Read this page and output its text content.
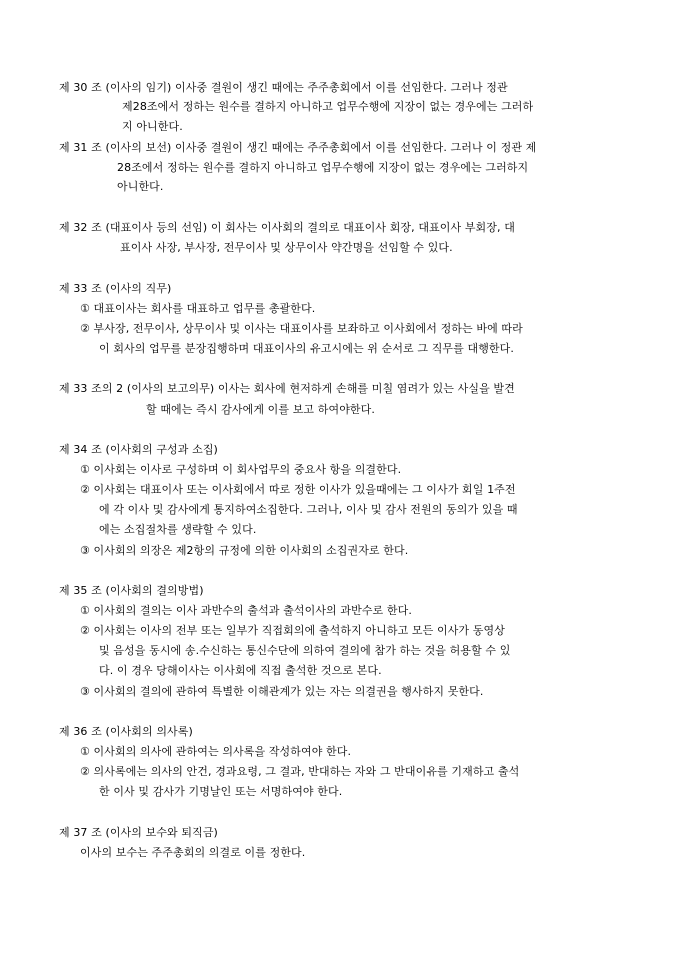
제 30 조 (이사의 임기) 이사중 결원이 생긴 때에는 주주총회에서 이를 선임한다. 그러나 정관
제28조에서 정하는 원수를 결하지 아니하고 업무수행에 지장이 없는 경우에는 그러하
지 아니한다.
제 31 조 (이사의 보선) 이사중 결원이 생긴 때에는 주주총회에서 이를 선임한다. 그러나 이 정관 제
28조에서 정하는 원수를 결하지 아니하고 업무수행에 지장이 없는 경우에는 그러하지
아니한다.
제 32 조 (대표이사 등의 선임) 이 회사는 이사회의 결의로 대표이사 회장, 대표이사 부회장, 대
표이사 사장, 부사장, 전무이사 및 상무이사 약간명을 선임할 수 있다.
제 33 조 (이사의 직무)
① 대표이사는 회사를 대표하고 업무를 총괄한다.
② 부사장, 전무이사, 상무이사 및 이사는 대표이사를 보좌하고 이사회에서 정하는 바에 따라
이 회사의 업무를 분장집행하며 대표이사의 유고시에는 위 순서로 그 직무를 대행한다.
제 33 조의 2 (이사의 보고의무) 이사는 회사에 현저하게 손해를 미칠 염려가 있는 사실을 발견
할 때에는 즉시 감사에게 이를 보고 하여야한다.
제 34 조 (이사회의 구성과 소집)
① 이사회는 이사로 구성하며 이 회사업무의 중요사 항을 의결한다.
② 이사회는 대표이사 또는 이사회에서 따로 정한 이사가 있을때에는 그 이사가 회일 1주전
에 각 이사 및 감사에게 통지하여소집한다. 그러나, 이사 및 감사 전원의 동의가 있을 때
에는 소집절차를 생략할 수 있다.
③ 이사회의 의장은 제2항의 규정에 의한 이사회의 소집권자로 한다.
제 35 조 (이사회의 결의방법)
① 이사회의 결의는 이사 과반수의 출석과 출석이사의 과반수로 한다.
② 이사회는 이사의 전부 또는 일부가 직접회의에 출석하지 아니하고 모든 이사가 동영상
및 음성을 동시에 송.수신하는 통신수단에 의하여 결의에 참가 하는 것을 허용할 수 있
다. 이 경우 당해이사는 이사회에 직접 출석한 것으로 본다.
③ 이사회의 결의에 관하여 특별한 이해관계가 있는 자는 의결권을 행사하지 못한다.
제 36 조 (이사회의 의사록)
① 이사회의 의사에 관하여는 의사록을 작성하여야 한다.
② 의사록에는 의사의 안건, 경과요령, 그 결과, 반대하는 자와 그 반대이유를 기재하고 출석
한 이사 및 감사가 기명날인 또는 서명하여야 한다.
제 37 조 (이사의 보수와 퇴직금)
이사의 보수는 주주총회의 의결로 이를 정한다.
